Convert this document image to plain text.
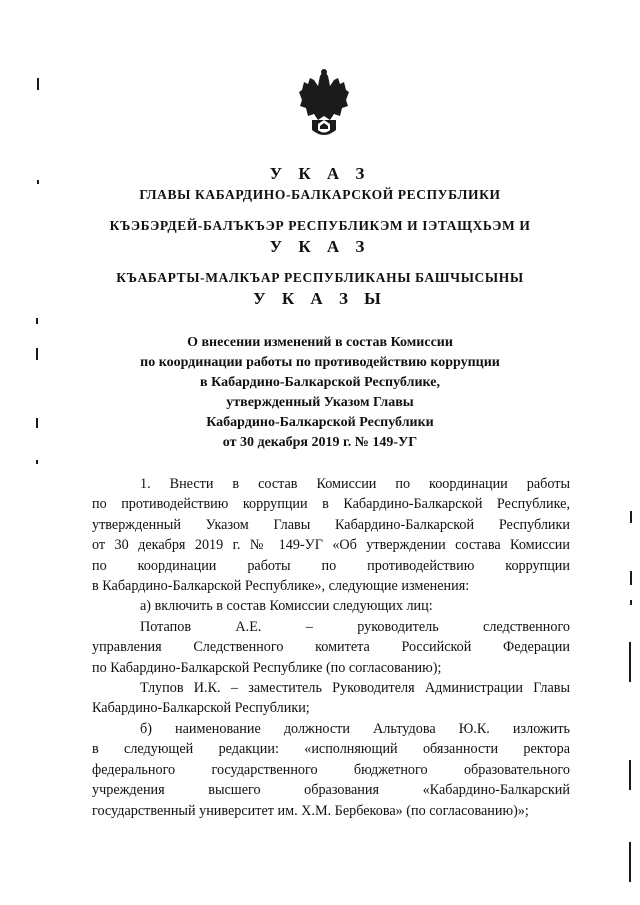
У К А З
ГЛАВЫ КАБАРДИНО-БАЛКАРСКОЙ РЕСПУБЛИКИ
КЪЭБЭРДЕЙ-БАЛЪКЪЭР РЕСПУБЛИКЭМ И ІЭТАЩХЬЭМ И
У К А З
КЪАБАРТЫ-МАЛКЪАР РЕСПУБЛИКАНЫ БАШЧЫСЫНЫ
У К А З Ы
О внесении изменений в состав Комиссии
по координации работы по противодействию коррупции
в Кабардино-Балкарской Республике,
утвержденный Указом Главы
Кабардино-Балкарской Республики
от 30 декабря 2019 г. № 149-УГ

1. Внести в состав Комиссии по координации работы

по противодействию коррупции в Кабардино-Балкарской Республике,

утвержденный Указом Главы Кабардино-Балкарской Республики

от 30 декабря 2019 г. № 149-УГ «Об утверждении состава Комиссии

по координации работы по противодействию коррупции

в Кабардино-Балкарской Республике», следующие изменения:

а) включить в состав Комиссии следующих лиц:

Потапов А.Е. – руководитель следственного

управления Следственного комитета Российской Федерации

по Кабардино-Балкарской Республике (по согласованию);

Тлупов И.К. – заместитель Руководителя Администрации Главы

Кабардино-Балкарской Республики;

б) наименование должности Альтудова Ю.К. изложить

в следующей редакции: «исполняющий обязанности ректора

федерального государственного бюджетного образовательного

учреждения высшего образования «Кабардино-Балкарский

государственный университет им. Х.М. Бербекова» (по согласованию)»;
